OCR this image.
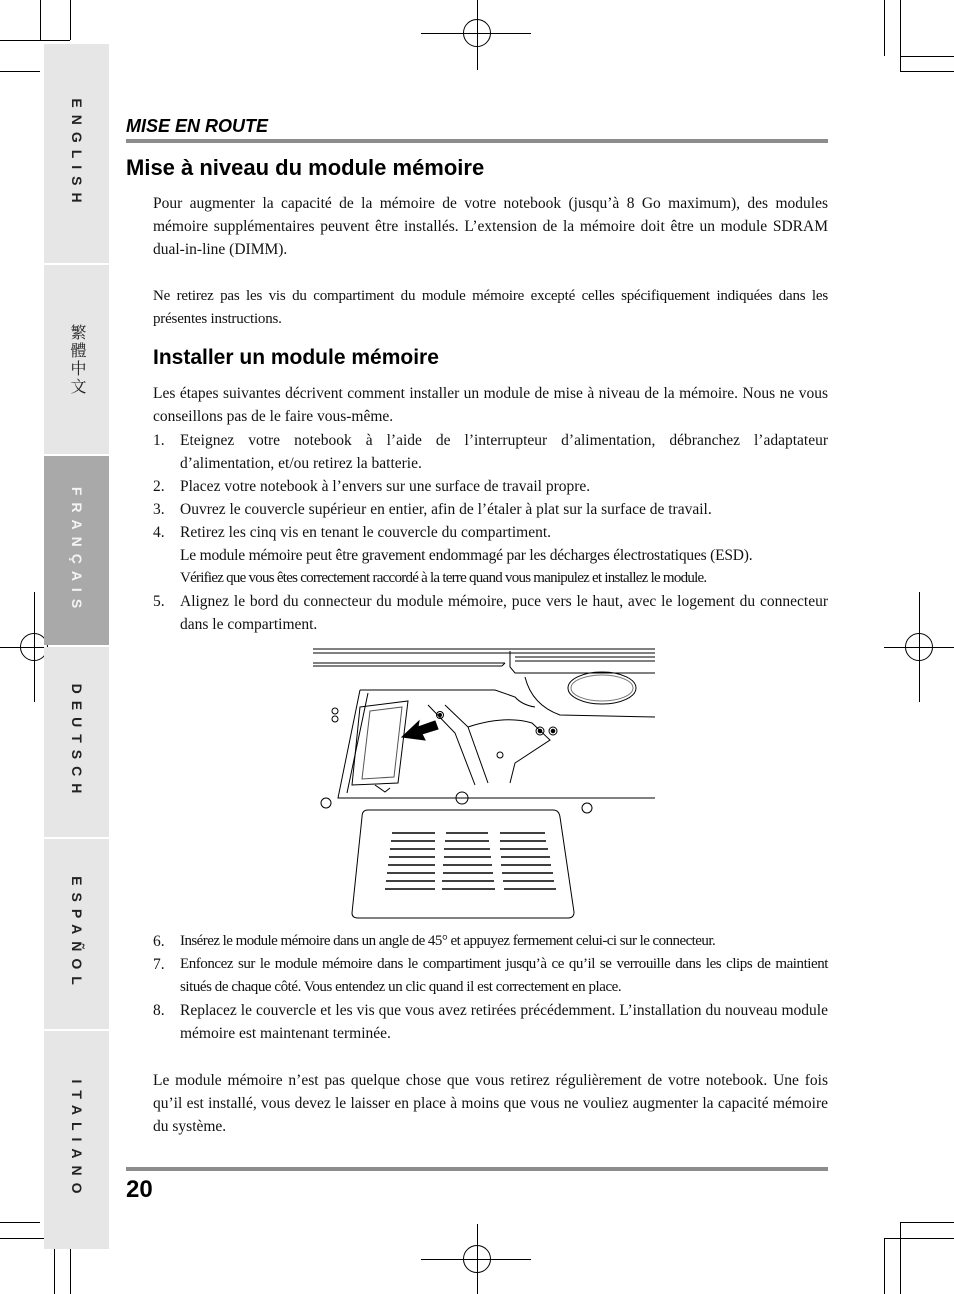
ENGLISH
繁體中文
FRANÇAIS
DEUTSCH
ESPAÑOL
ITALIANO
MISE EN ROUTE
Mise à niveau du module mémoire
Pour augmenter la capacité de la mémoire de votre notebook (jusqu’à 8 Go maximum), des modules mémoire supplémentaires peuvent être installés. L’extension de la mémoire doit être un module SDRAM dual-in-line (DIMM).
Ne retirez pas les vis du compartiment du module mémoire excepté celles spécifiquement indiquées dans les présentes instructions.
Installer un module mémoire
Les étapes suivantes décrivent comment installer un module de mise à niveau de la mémoire. Nous ne vous conseillons pas de le faire vous-même.
1. Eteignez votre notebook à l’aide de l’interrupteur d’alimentation, débranchez l’adaptateur d’alimentation, et/ou retirez la batterie.
2. Placez votre notebook à l’envers sur une surface de travail propre.
3. Ouvrez le couvercle supérieur en entier, afin de l’étaler à plat sur la surface de travail.
4. Retirez les cinq vis en tenant le couvercle du compartiment.
Le module mémoire peut être gravement endommagé par les décharges électrostatiques (ESD).
Vérifiez que vous êtes correctement raccordé à la terre quand vous manipulez et installez le module.
5. Alignez le bord du connecteur du module mémoire, puce vers le haut, avec le logement du connecteur dans le compartiment.
6.	Insérez le module mémoire dans un angle de 45° et appuyez fermement celui-ci sur le connecteur.
7.	Enfoncez sur le module mémoire dans le compartiment jusqu’à ce qu’il se verrouille dans les clips de maintient situés de chaque côté. Vous entendez un clic quand il est correctement en place.
8. Replacez le couvercle et les vis que vous avez retirées précédemment. L’installation du nouveau module mémoire est maintenant terminée.
Le module mémoire n’est pas quelque chose que vous retirez régulièrement de votre notebook. Une fois qu’il est installé, vous devez le laisser en place à moins que vous ne vouliez augmenter la capacité mémoire du système.
20
